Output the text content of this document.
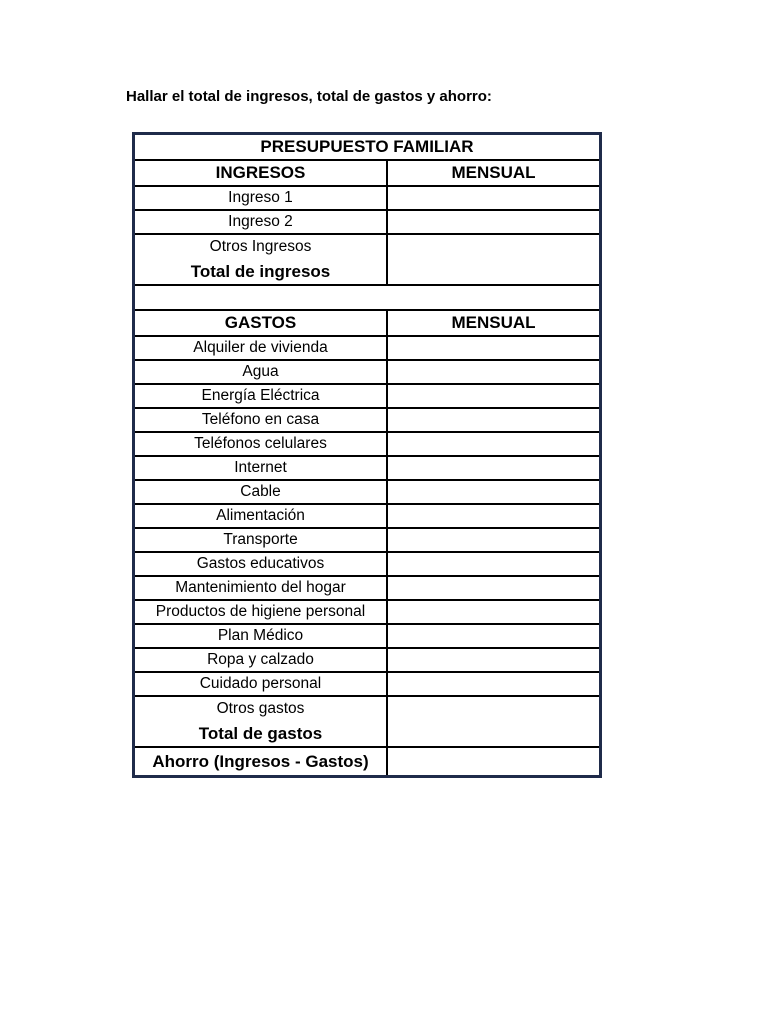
Hallar el total de ingresos, total de gastos y ahorro:
PRESUPUESTO FAMILIAR
INGRESOS	MENSUAL
Ingreso 1
Ingreso 2
Otros Ingresos
Total de ingresos
GASTOS	MENSUAL
Alquiler de vivienda
Agua
Energía Eléctrica
Teléfono en casa
Teléfonos celulares
Internet
Cable
Alimentación
Transporte
Gastos educativos
Mantenimiento del hogar
Productos de higiene personal
Plan Médico
Ropa y calzado
Cuidado personal
Otros gastos
Total de gastos
Ahorro (Ingresos - Gastos)
